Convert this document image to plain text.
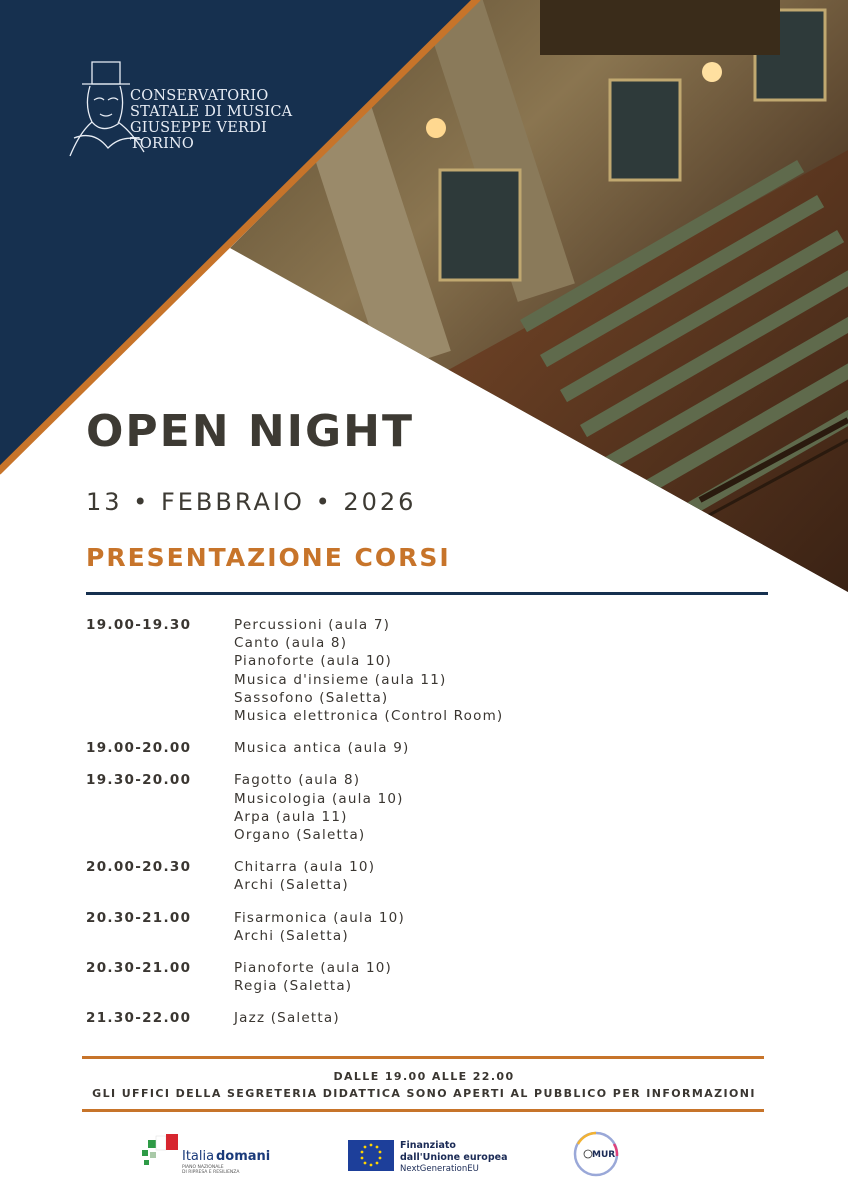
CONSERVATORIO
STATALE DI MUSICA
GIUSEPPE VERDI
TORINO
OPEN NIGHT
13 • FEBBRAIO • 2026
PRESENTAZIONE CORSI
19.00-19.30	Percussioni (aula 7)
Canto (aula 8)
Pianoforte (aula 10)
Musica d'insieme (aula 11)
Sassofono (Saletta)
Musica elettronica (Control Room)
19.00-20.00	Musica antica (aula 9)
19.30-20.00	Fagotto (aula 8)
Musicologia (aula 10)
Arpa (aula 11)
Organo (Saletta)
20.00-20.30	Chitarra (aula 10)
Archi (Saletta)
20.30-21.00	Fisarmonica (aula 10)
Archi (Saletta)
20.30-21.00	Pianoforte (aula 10)
Regia (Saletta)
21.30-22.00	Jazz (Saletta)
DALLE 19.00 ALLE 22.00
GLI UFFICI DELLA SEGRETERIA DIDATTICA SONO APERTI AL PUBBLICO PER INFORMAZIONI
Italia domani
PIANO NAZIONALE
DI RIPRESA E RESILIENZA
Finanziato
dall'Unione europea
NextGenerationEU
MUR
